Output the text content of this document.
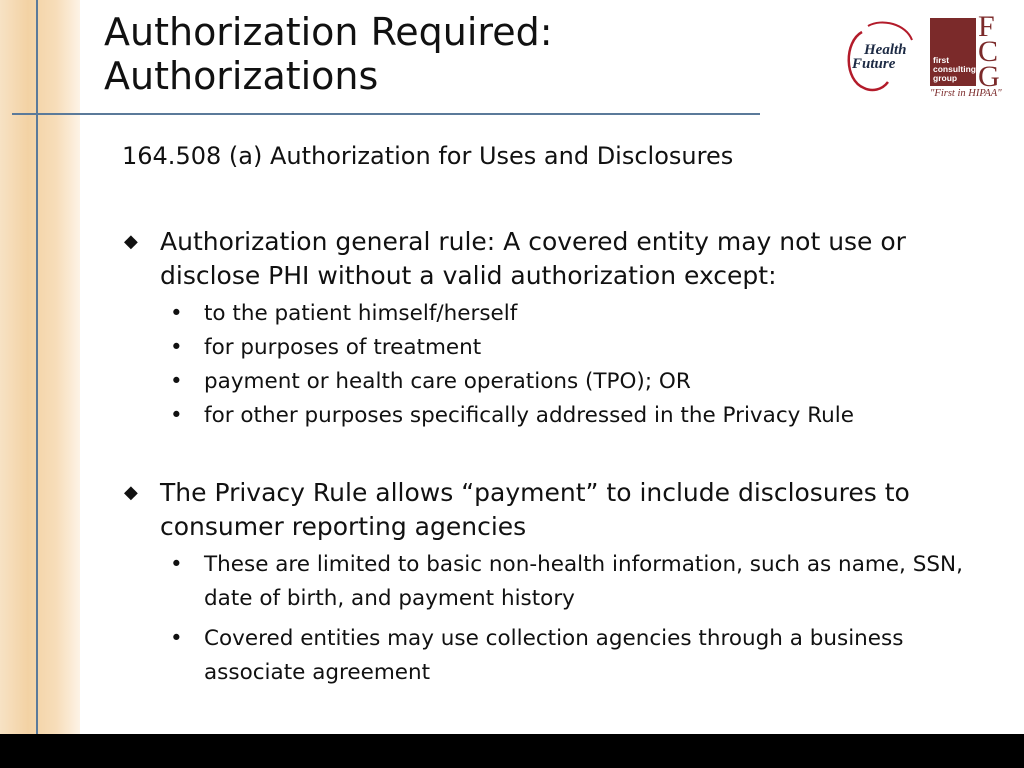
Authorization Required:
Authorizations
Health
Future	first
consulting
group
F
C
G
"First in HIPAA"
164.508 (a) Authorization for Uses and Disclosures
◆ Authorization general rule: A covered entity may not use or disclose PHI without a valid authorization except:
• to the patient himself/herself
• for purposes of treatment
• payment or health care operations (TPO); OR
• for other purposes specifically addressed in the Privacy Rule
◆ The Privacy Rule allows “payment” to include disclosures to consumer reporting agencies
• These are limited to basic non-health information, such as name, SSN, date of birth, and payment history
• Covered entities may use collection agencies through a business associate agreement
